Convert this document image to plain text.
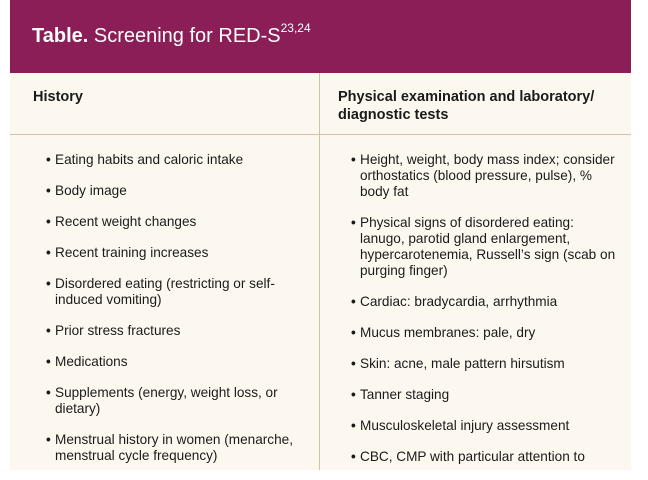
Table. Screening for RED-$S^{23,24}$
History	Physical examination and laboratory/ diagnostic tests
• Eating habits and caloric intake
• Body image
• Recent weight changes
• Recent training increases
• Disordered eating (restricting or self-induced vomiting)
• Prior stress fractures
• Medications
• Supplements (energy, weight loss, or dietary)
• Menstrual history in women (menarche, menstrual cycle frequency)
• Height, weight, body mass index; consider orthostatics (blood pressure, pulse), % body fat
• Physical signs of disordered eating: lanugo, parotid gland enlargement, hypercarotenemia, Russell’s sign (scab on purging finger)
• Cardiac: bradycardia, arrhythmia
• Mucus membranes: pale, dry
• Skin: acne, male pattern hirsutism
• Tanner staging
• Musculoskeletal injury assessment
• CBC, CMP with particular attention to
